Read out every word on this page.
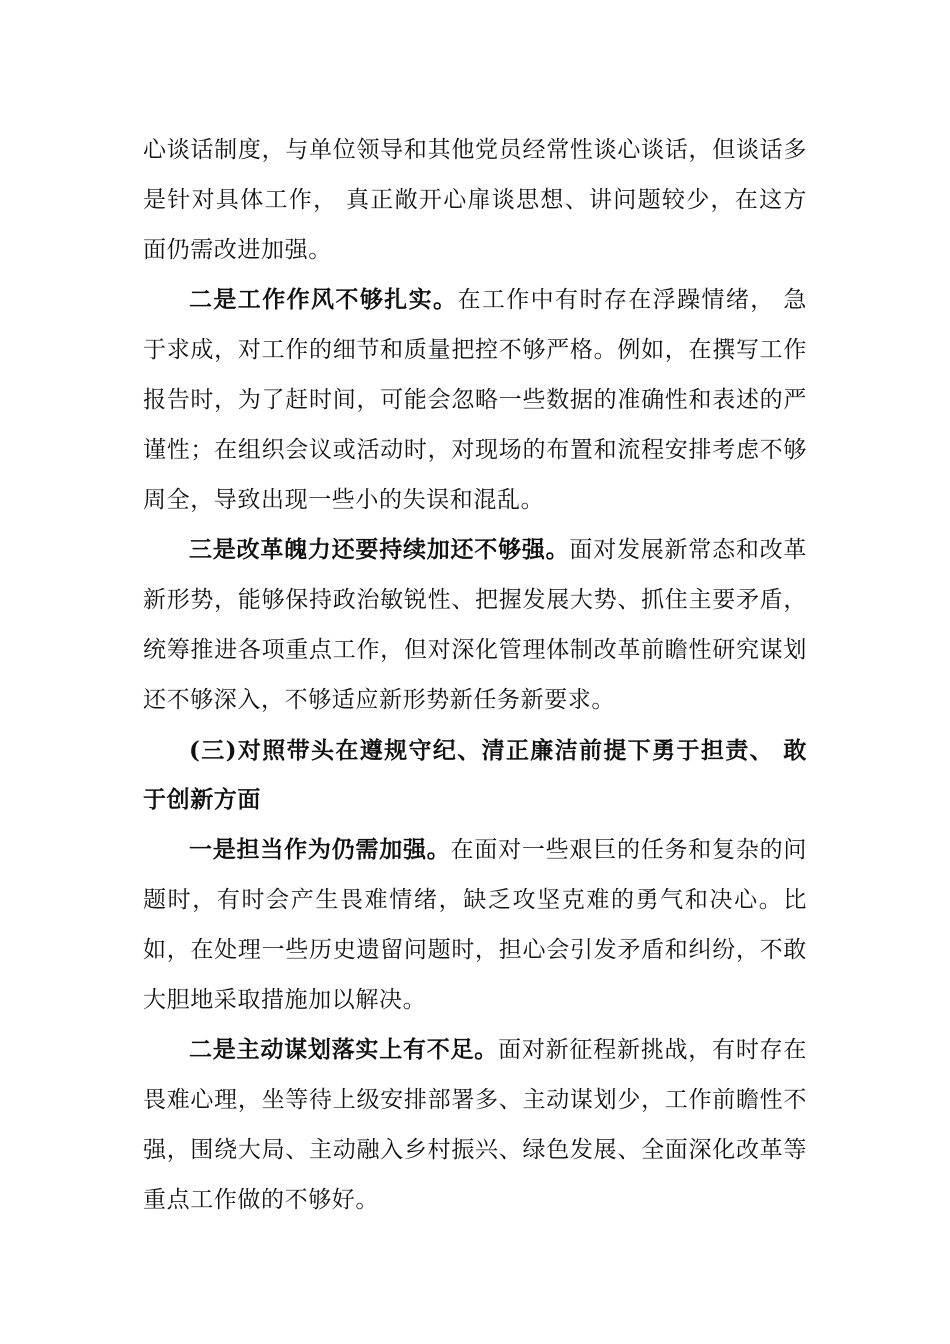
心谈话制度，与单位领导和其他党员经常性谈心谈话，但谈话多是针对具体工作， 真正敞开心扉谈思想、讲问题较少，在这方面仍需改进加强。

二是工作作风不够扎实。在工作中有时存在浮躁情绪， 急于求成，对工作的细节和质量把控不够严格。例如，在撰写工作报告时，为了赶时间，可能会忽略一些数据的准确性和表述的严谨性；在组织会议或活动时，对现场的布置和流程安排考虑不够周全，导致出现一些小的失误和混乱。

三是改革魄力还要持续加还不够强。面对发展新常态和改革新形势，能够保持政治敏锐性、把握发展大势、抓住主要矛盾，统筹推进各项重点工作，但对深化管理体制改革前瞻性研究谋划还不够深入，不够适应新形势新任务新要求。

(三)对照带头在遵规守纪、清正廉洁前提下勇于担责、 敢于创新方面

一是担当作为仍需加强。在面对一些艰巨的任务和复杂的问题时，有时会产生畏难情绪，缺乏攻坚克难的勇气和决心。比如，在处理一些历史遗留问题时，担心会引发矛盾和纠纷，不敢大胆地采取措施加以解决。

二是主动谋划落实上有不足。面对新征程新挑战，有时存在畏难心理，坐等待上级安排部署多、主动谋划少，工作前瞻性不强，围绕大局、主动融入乡村振兴、绿色发展、全面深化改革等重点工作做的不够好。
